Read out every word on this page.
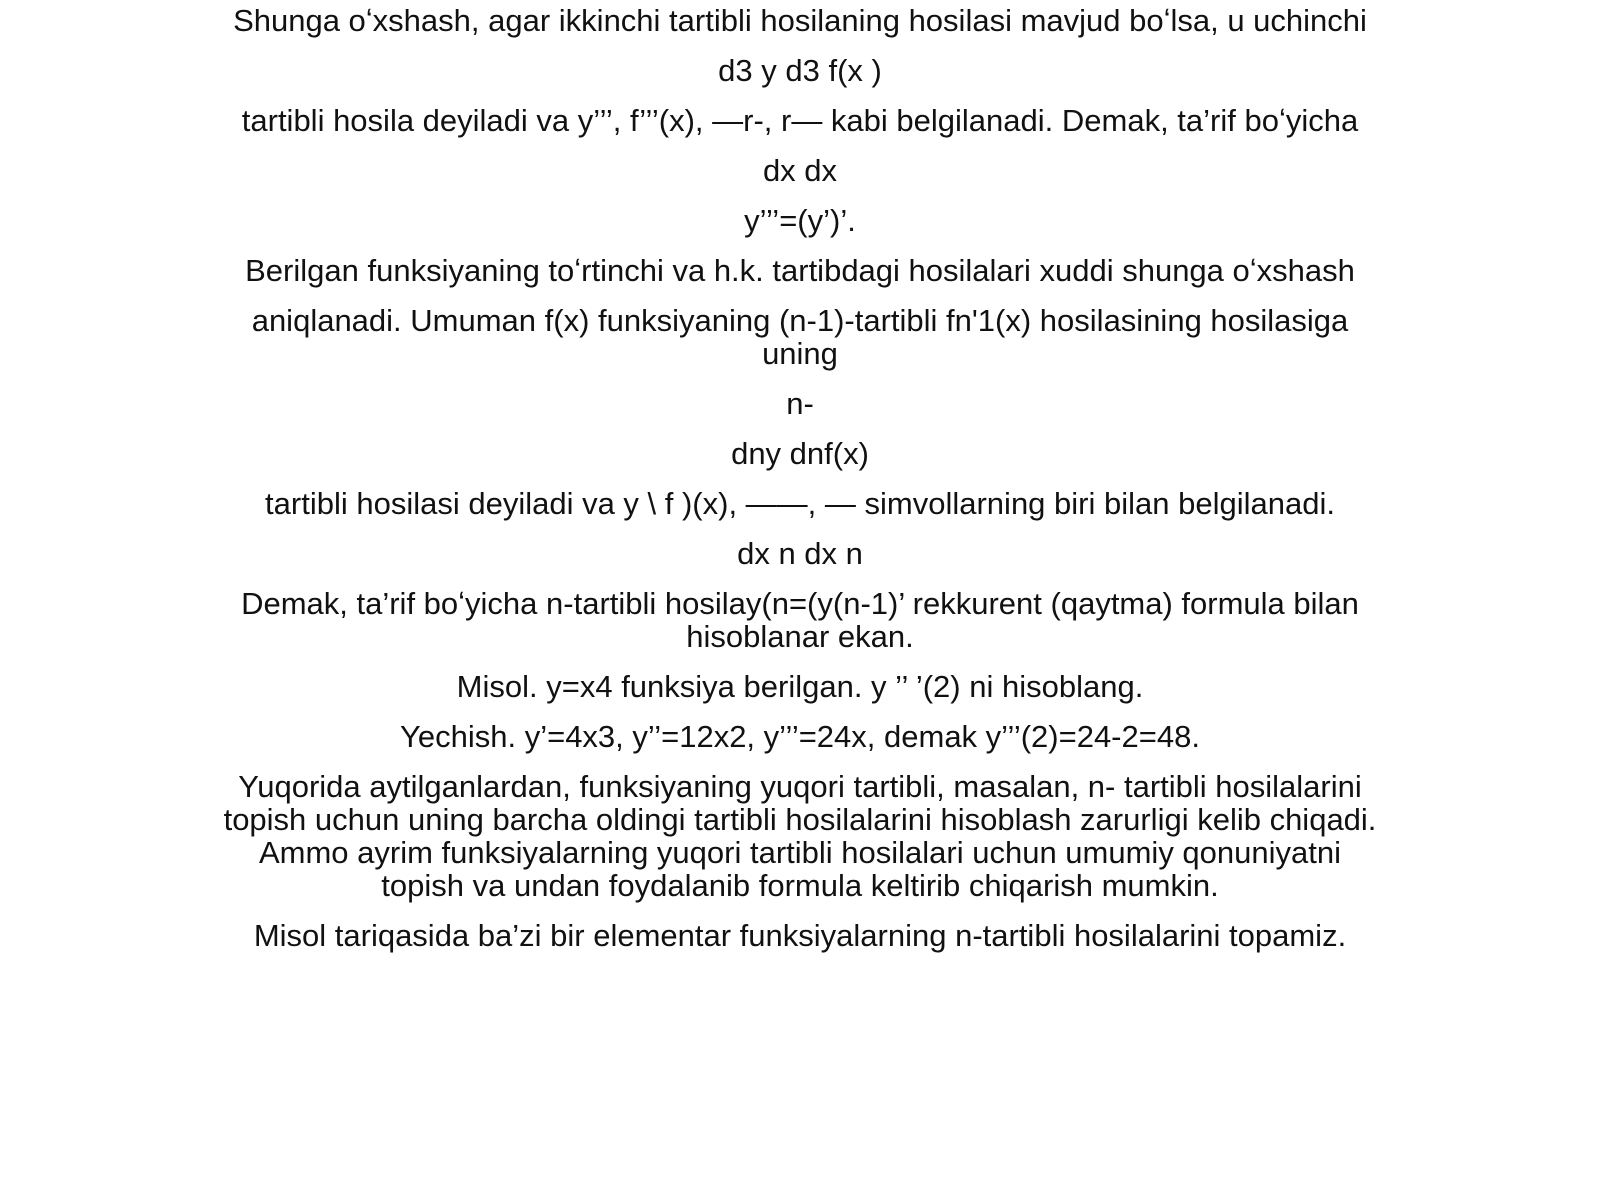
Shunga oʻxshash, agar ikkinchi tartibli hosilaning hosilasi mavjud boʻlsa, u uchinchi

d3 y d3 f(x )

tartibli hosila deyiladi va y’’’, f’’’(x), —r-, r— kabi belgilanadi. Demak, ta’rif boʻyicha

dx dx

y’’’=(y’)’.

Berilgan funksiyaning toʻrtinchi va h.k. tartibdagi hosilalari xuddi shunga oʻxshash

aniqlanadi. Umuman f(x) funksiyaning (n-1)-tartibli fn'1(x) hosilasining hosilasiga uning

n-

dny dnf(x)

tartibli hosilasi deyiladi va y \ f )(x), ——, — simvollarning biri bilan belgilanadi.

dx n dx n

Demak, ta’rif boʻyicha n-tartibli hosilay(n=(y(n-1)’ rekkurent (qaytma) formula bilan hisoblanar ekan.

Misol. y=x4 funksiya berilgan. y ’’ ’(2) ni hisoblang.

Yechish. y’=4x3, y’’=12x2, y’’’=24x, demak y’’’(2)=24-2=48.

Yuqorida aytilganlardan, funksiyaning yuqori tartibli, masalan, n- tartibli hosilalarini topish uchun uning barcha oldingi tartibli hosilalarini hisoblash zarurligi kelib chiqadi. Ammo ayrim funksiyalarning yuqori tartibli hosilalari uchun umumiy qonuniyatni topish va undan foydalanib formula keltirib chiqarish mumkin.

Misol tariqasida ba’zi bir elementar funksiyalarning n-tartibli hosilalarini topamiz.
